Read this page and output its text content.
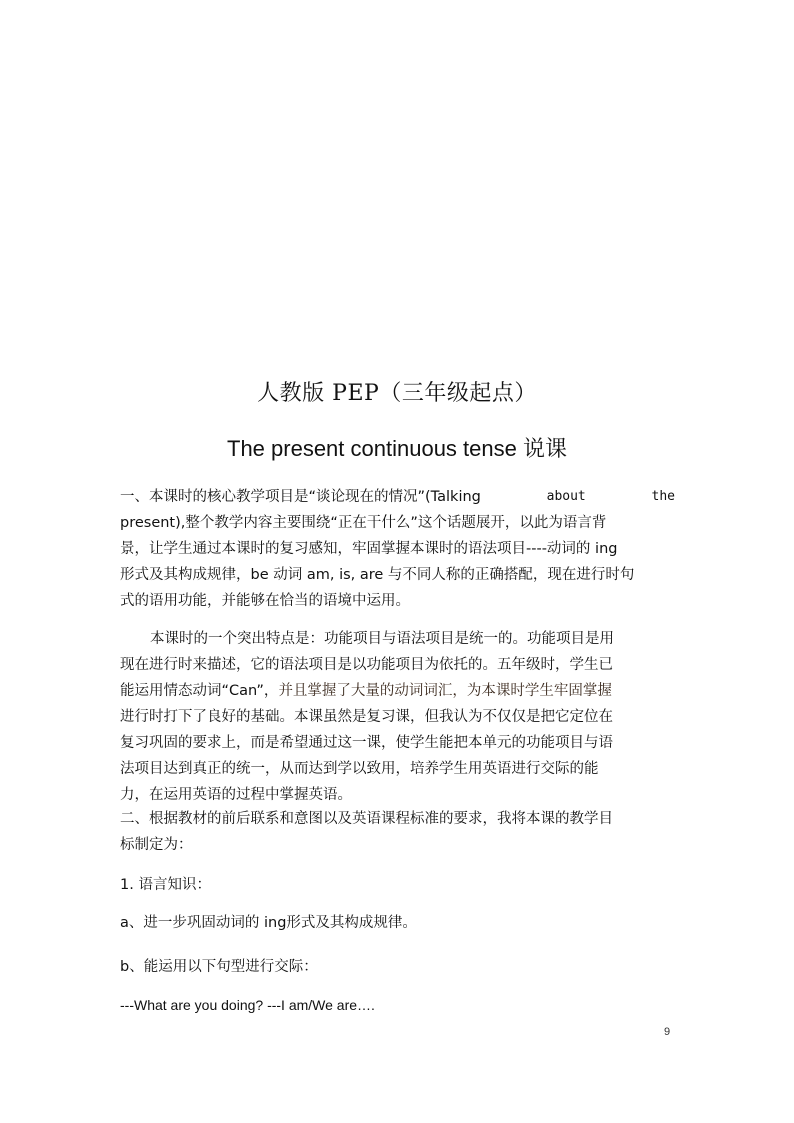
人教版 PEP（三年级起点）
The present continuous tense 说课
一、本课时的核心教学项目是“谈论现在的情况”(Talking	about	the
present),整个教学内容主要围绕“正在干什么”这个话题展开，以此为语言背
景，让学生通过本课时的复习感知，牢固掌握本课时的语法项目----动词的 ing
形式及其构成规律，be 动词 am, is, are 与不同人称的正确搭配，现在进行时句
式的语用功能，并能够在恰当的语境中运用。
本课时的一个突出特点是：功能项目与语法项目是统一的。功能项目是用
现在进行时来描述，它的语法项目是以功能项目为依托的。五年级时，学生已
能运用情态动词“Can”，并且掌握了大量的动词词汇，为本课时学生牢固掌握
进行时打下了良好的基础。本课虽然是复习课，但我认为不仅仅是把它定位在
复习巩固的要求上，而是希望通过这一课，使学生能把本单元的功能项目与语
法项目达到真正的统一，从而达到学以致用，培养学生用英语进行交际的能
力，在运用英语的过程中掌握英语。
二、根据教材的前后联系和意图以及英语课程标准的要求，我将本课的教学目
标制定为：
1. 语言知识：
a、进一步巩固动词的 ing形式及其构成规律。
b、能运用以下句型进行交际：
---What are you doing? ---I am/We are….
9
